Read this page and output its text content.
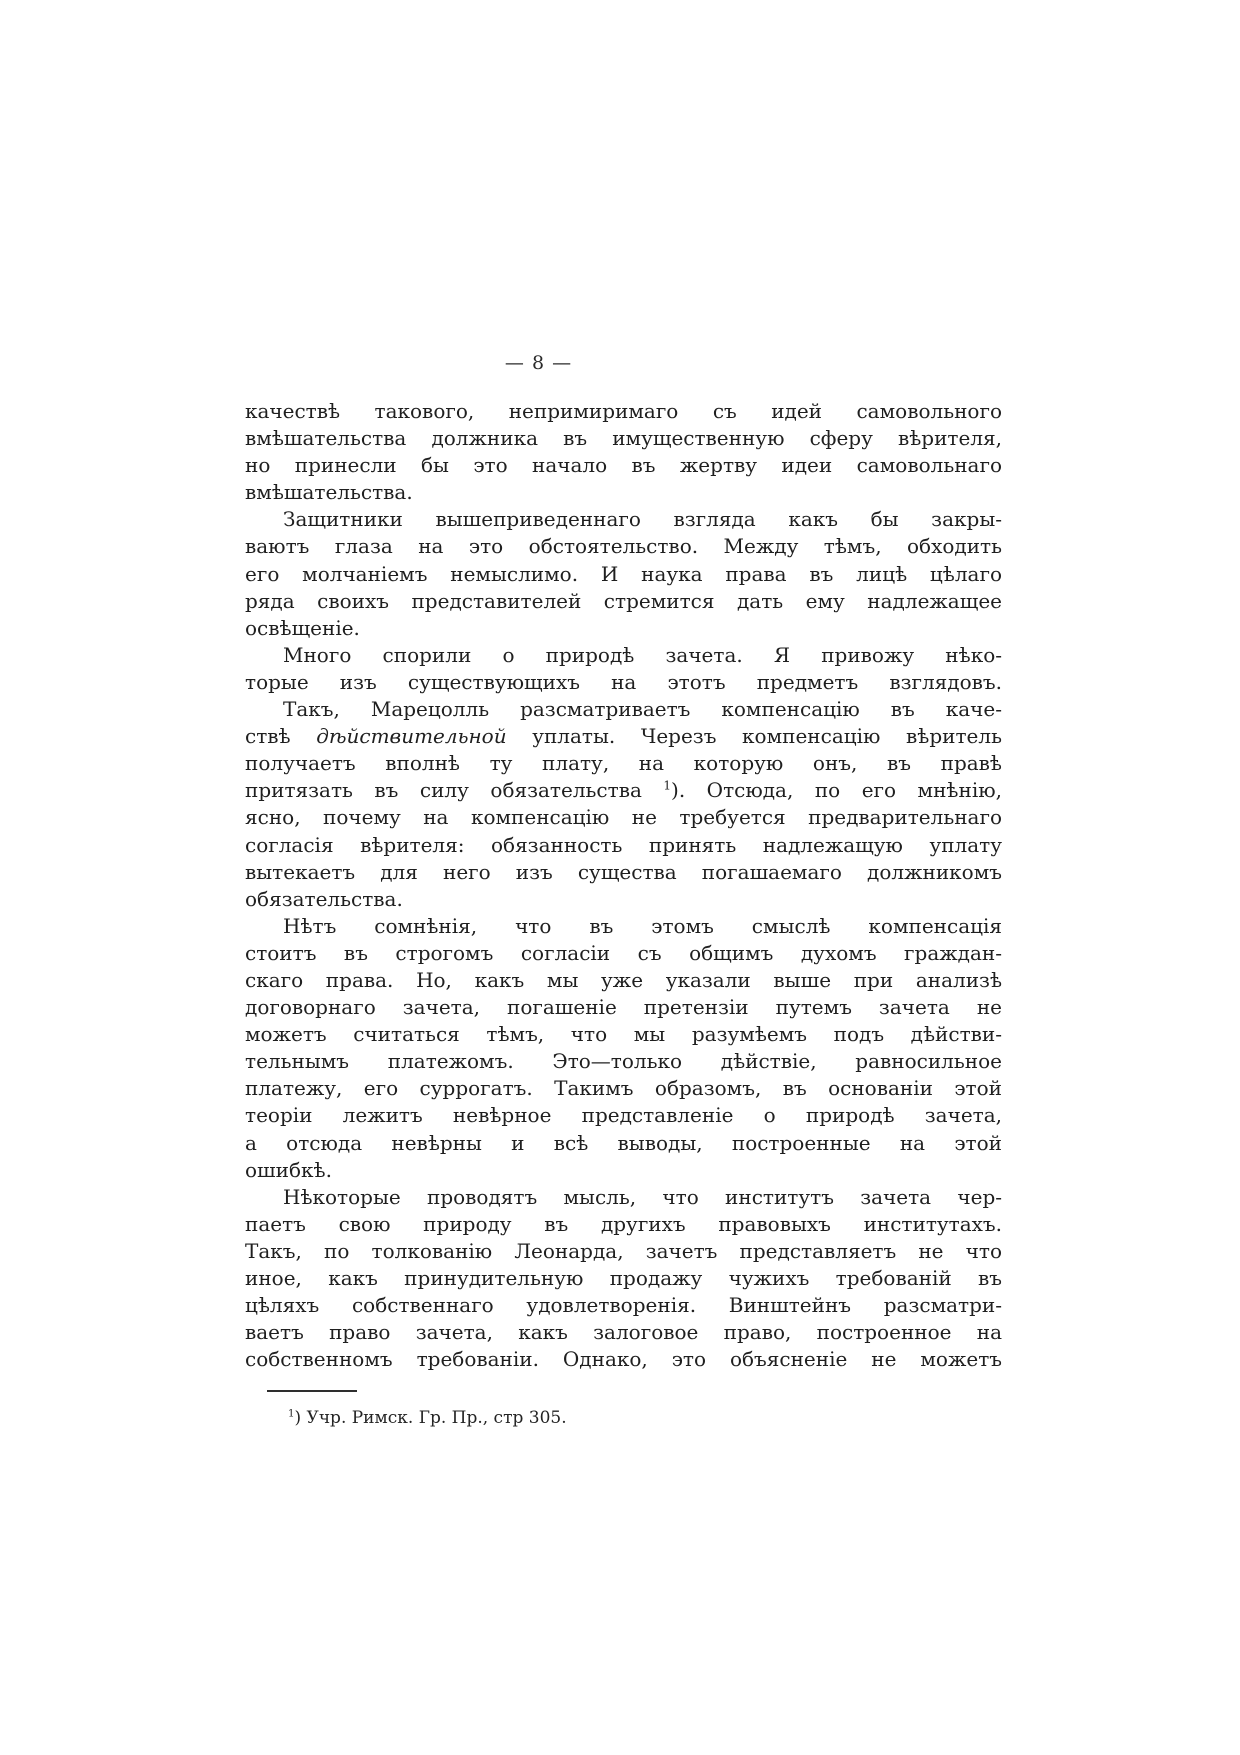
— 8 —
качествѣ такового, непримиримаго съ идей самовольного
вмѣшательства должника въ имущественную сферу вѣрителя,
но принесли бы это начало въ жертву идеи самовольнаго
вмѣшательства.
Защитники вышеприведеннаго взгляда какъ бы закры-
ваютъ глаза на это обстоятельство. Между тѣмъ, обходить
его молчаніемъ немыслимо. И наука права въ лицѣ цѣлаго
ряда своихъ представителей стремится дать ему надлежащее
освѣщеніе.
Много спорили о природѣ зачета. Я привожу нѣко-
торые изъ существующихъ на этотъ предметъ взглядовъ.
Такъ, Марецолль разсматриваетъ компенсацію въ каче-
ствѣ дѣйствительной уплаты. Черезъ компенсацію вѣритель
получаетъ вполнѣ ту плату, на которую онъ, въ правѣ
притязать въ силу обязательства $^1$). Отсюда, по его мнѣнію,
ясно, почему на компенсацію не требуется предварительнаго
согласія вѣрителя: обязанность принять надлежащую уплату
вытекаетъ для него изъ существа погашаемаго должникомъ
обязательства.
Нѣтъ сомнѣнія, что въ этомъ смыслѣ компенсація
стоитъ въ строгомъ согласіи съ общимъ духомъ граждан-
скаго права. Но, какъ мы уже указали выше при анализѣ
договорнаго зачета, погашеніе претензіи путемъ зачета не
можетъ считаться тѣмъ, что мы разумѣемъ подъ дѣйстви-
тельнымъ платежомъ. Это—только дѣйствіе, равносильное
платежу, его суррогатъ. Такимъ образомъ, въ основаніи этой
теоріи лежитъ невѣрное представленіе о природѣ зачета,
а отсюда невѣрны и всѣ выводы, построенные на этой
ошибкѣ.
Нѣкоторые проводятъ мысль, что институтъ зачета чер-
паетъ свою природу въ другихъ правовыхъ институтахъ.
Такъ, по толкованію Леонарда, зачетъ представляетъ не что
иное, какъ принудительную продажу чужихъ требованій въ
цѣляхъ собственнаго удовлетворенія. Винштейнъ разсматри-
ваетъ право зачета, какъ залоговое право, построенное на
собственномъ требованіи. Однако, это объясненіе не можетъ
$^1$) Учр. Римск. Гр. Пр., стр 305.
